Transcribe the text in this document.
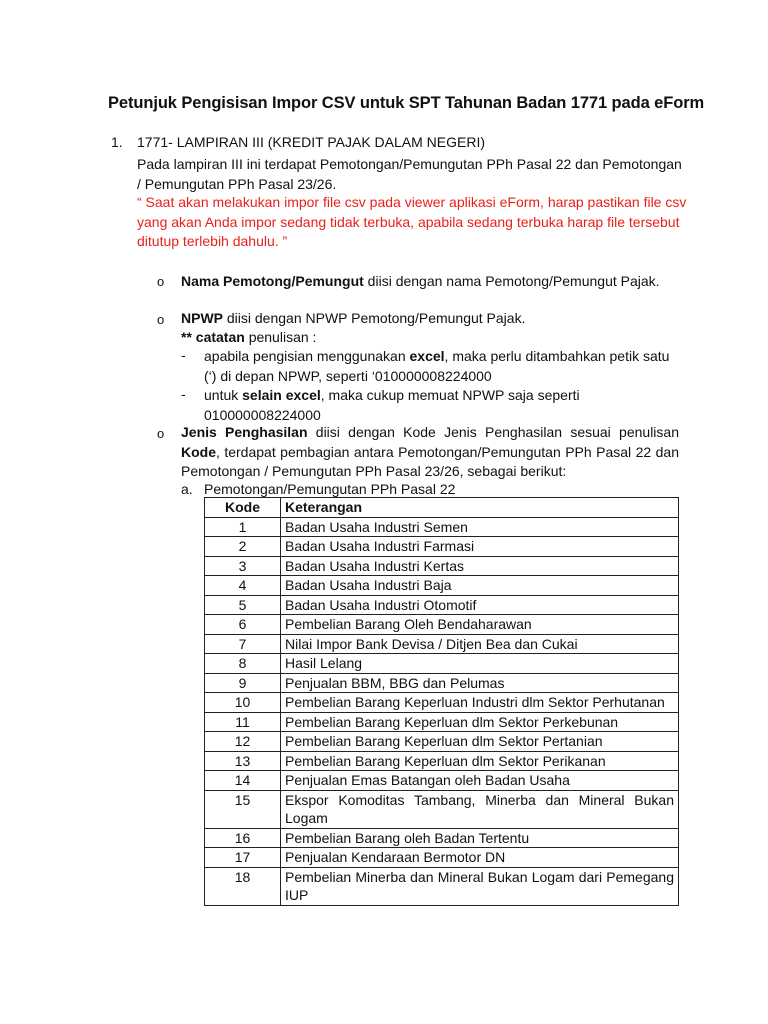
Petunjuk Pengisisan Impor CSV untuk SPT Tahunan Badan 1771 pada eForm
1. 1771- LAMPIRAN III (KREDIT PAJAK DALAM NEGERI)
Pada lampiran III ini terdapat Pemotongan/Pemungutan PPh Pasal 22 dan Pemotongan / Pemungutan PPh Pasal 23/26.
“ Saat akan melakukan impor file csv pada viewer aplikasi eForm, harap pastikan file csv yang akan Anda impor sedang tidak terbuka, apabila sedang terbuka harap file tersebut ditutup terlebih dahulu. ”
o Nama Pemotong/Pemungut diisi dengan nama Pemotong/Pemungut Pajak.
o NPWP diisi dengan NPWP Pemotong/Pemungut Pajak.
** catatan penulisan :
- apabila pengisian menggunakan excel, maka perlu ditambahkan petik satu (‘) di depan NPWP, seperti ‘010000008224000
- untuk selain excel, maka cukup memuat NPWP saja seperti 010000008224000
o Jenis Penghasilan diisi dengan Kode Jenis Penghasilan sesuai penulisan Kode, terdapat pembagian antara Pemotongan/Pemungutan PPh Pasal 22 dan Pemotongan / Pemungutan PPh Pasal 23/26, sebagai berikut:
a. Pemotongan/Pemungutan PPh Pasal 22
Kode	Keterangan
1	Badan Usaha Industri Semen
2	Badan Usaha Industri Farmasi
3	Badan Usaha Industri Kertas
4	Badan Usaha Industri Baja
5	Badan Usaha Industri Otomotif
6	Pembelian Barang Oleh Bendaharawan
7	Nilai Impor Bank Devisa / Ditjen Bea dan Cukai
8	Hasil Lelang
9	Penjualan BBM, BBG dan Pelumas
10	Pembelian Barang Keperluan Industri dlm Sektor Perhutanan
11	Pembelian Barang Keperluan dlm Sektor Perkebunan
12	Pembelian Barang Keperluan dlm Sektor Pertanian
13	Pembelian Barang Keperluan dlm Sektor Perikanan
14	Penjualan Emas Batangan oleh Badan Usaha
15	Ekspor Komoditas Tambang, Minerba dan Mineral Bukan Logam
16	Pembelian Barang oleh Badan Tertentu
17	Penjualan Kendaraan Bermotor DN
18	Pembelian Minerba dan Mineral Bukan Logam dari Pemegang IUP
